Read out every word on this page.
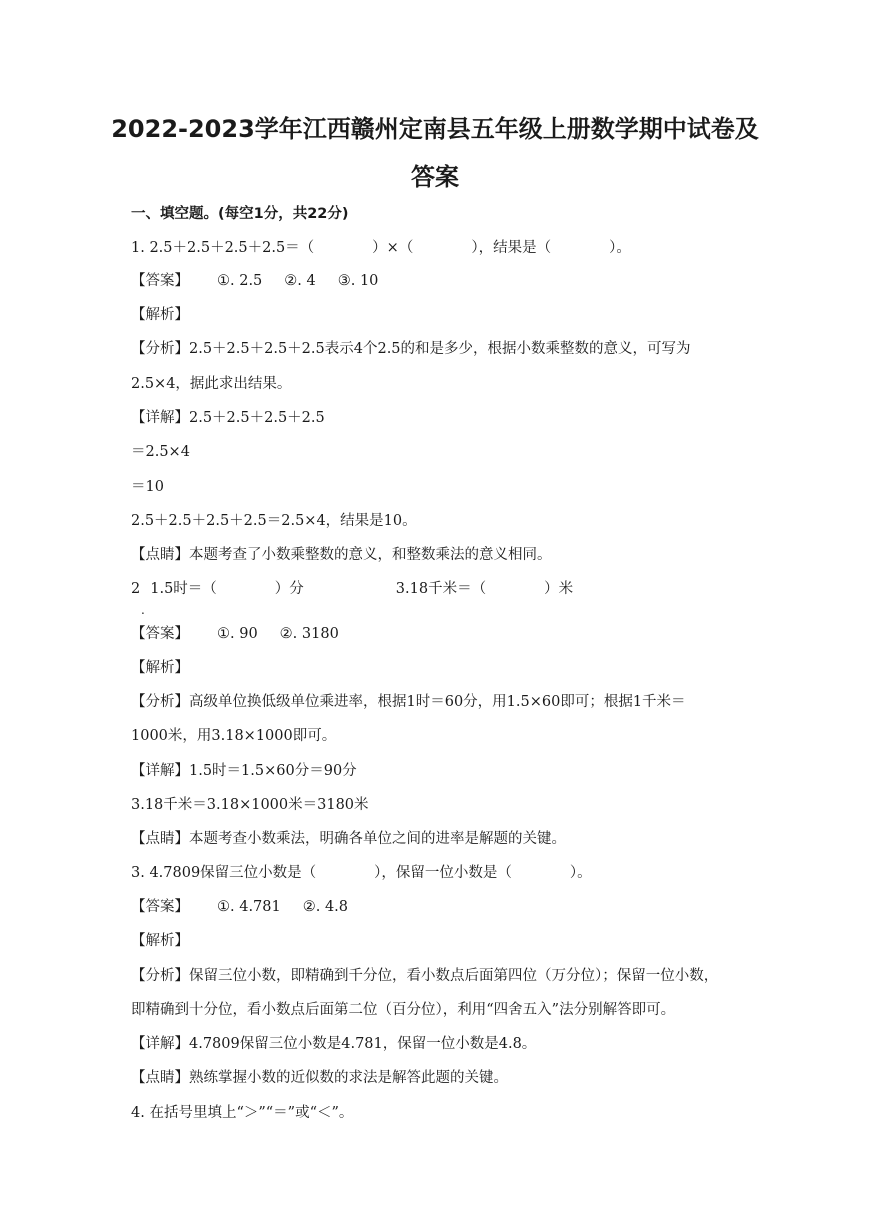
2022-2023学年江西赣州定南县五年级上册数学期中试卷及
答案
一、填空题。(每空1分，共22分)
1. 2.5＋2.5＋2.5＋2.5＝（　　　　）×（　　　　），结果是（　　　　）。
【答案】 ①. 2.5 ②. 4 ③. 10
【解析】
【分析】2.5＋2.5＋2.5＋2.5表示4个2.5的和是多少，根据小数乘整数的意义，可写为
2.5×4，据此求出结果。
【详解】2.5＋2.5＋2.5＋2.5
＝2.5×4
＝10
2.5＋2.5＋2.5＋2.5＝2.5×4，结果是10。
【点睛】本题考查了小数乘整数的意义，和整数乘法的意义相同。
2 1.5时＝（　　　　）分	3.18千米＝（　　　　）米
.
【答案】 ①. 90 ②. 3180
【解析】
【分析】高级单位换低级单位乘进率，根据1时＝60分，用1.5×60即可；根据1千米＝
1000米，用3.18×1000即可。
【详解】1.5时＝1.5×60分＝90分
3.18千米＝3.18×1000米＝3180米
【点睛】本题考查小数乘法，明确各单位之间的进率是解题的关键。
3. 4.7809保留三位小数是（　　　　），保留一位小数是（　　　　）。
【答案】 ①. 4.781 ②. 4.8
【解析】
【分析】保留三位小数，即精确到千分位，看小数点后面第四位（万分位）；保留一位小数，
即精确到十分位，看小数点后面第二位（百分位），利用“四舍五入”法分别解答即可。
【详解】4.7809保留三位小数是4.781，保留一位小数是4.8。
【点睛】熟练掌握小数的近似数的求法是解答此题的关键。
4. 在括号里填上“＞”“＝”或“＜”。
